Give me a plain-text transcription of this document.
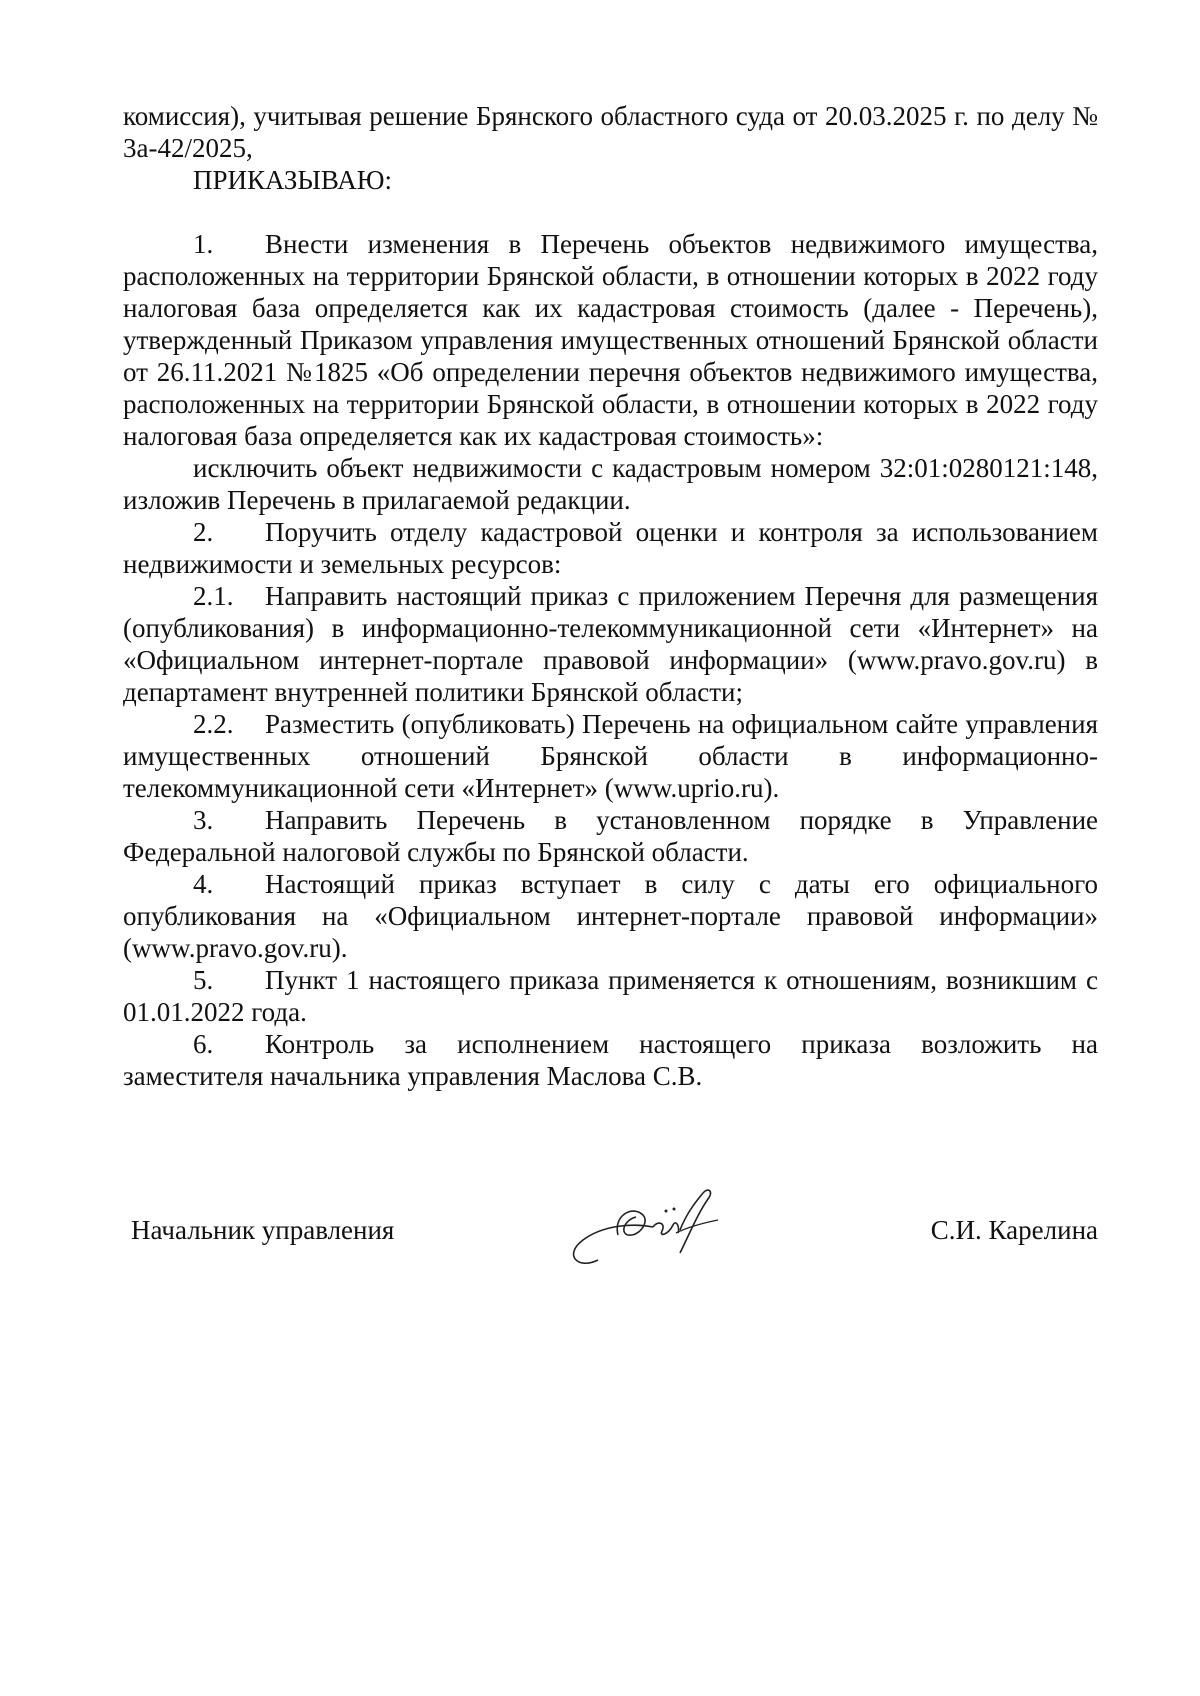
комиссия), учитывая решение Брянского областного суда от 20.03.2025 г. по делу № 3а-42/2025,

ПРИКАЗЫВАЮ:

1. Внести изменения в Перечень объектов недвижимого имущества, расположенных на территории Брянской области, в отношении которых в 2022 году налоговая база определяется как их кадастровая стоимость (далее - Перечень), утвержденный Приказом управления имущественных отношений Брянской области от 26.11.2021 №1825 «Об определении перечня объектов недвижимого имущества, расположенных на территории Брянской области, в отношении которых в 2022 году налоговая база определяется как их кадастровая стоимость»:

исключить объект недвижимости с кадастровым номером 32:01:0280121:148, изложив Перечень в прилагаемой редакции.

2. Поручить отделу кадастровой оценки и контроля за использованием недвижимости и земельных ресурсов:

2.1. Направить настоящий приказ с приложением Перечня для размещения (опубликования) в информационно-телекоммуникационной сети «Интернет» на «Официальном интернет-портале правовой информации» (www.pravo.gov.ru) в департамент внутренней политики Брянской области;

2.2. Разместить (опубликовать) Перечень на официальном сайте управления имущественных отношений Брянской области в информационно-телекоммуникационной сети «Интернет» (www.uprio.ru).

3. Направить Перечень в установленном порядке в Управление Федеральной налоговой службы по Брянской области.

4. Настоящий приказ вступает в силу с даты его официального опубликования на «Официальном интернет-портале правовой информации» (www.pravo.gov.ru).

5. Пункт 1 настоящего приказа применяется к отношениям, возникшим с 01.01.2022 года.

6. Контроль за исполнением настоящего приказа возложить на заместителя начальника управления Маслова С.В.

Начальник управления	С.И. Карелина
